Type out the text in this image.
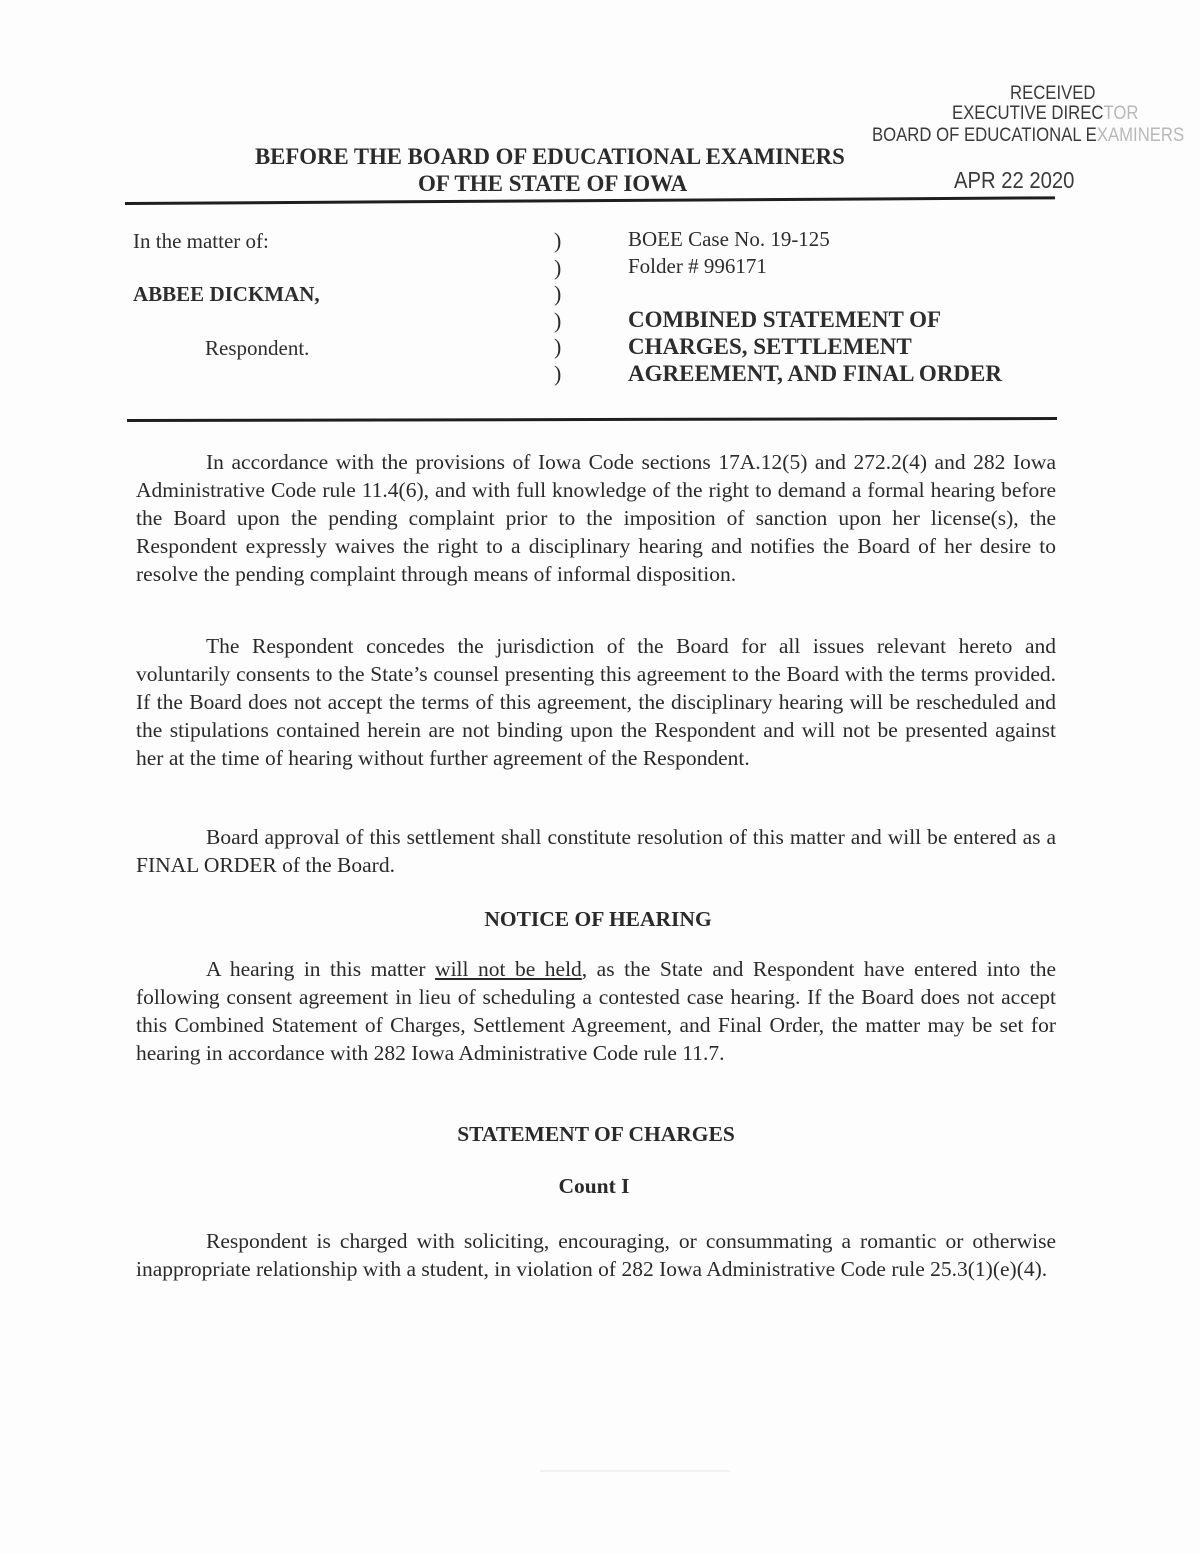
RECEIVED
EXECUTIVE DIRECTOR
BOARD OF EDUCATIONAL EXAMINERS
APR 22 2020
BEFORE THE BOARD OF EDUCATIONAL EXAMINERS
OF THE STATE OF IOWA
In the matter of:
ABBEE DICKMAN,
Respondent.
)
)
)
)
)
)
BOEE Case No. 19-125
Folder # 996171
COMBINED STATEMENT OF
CHARGES, SETTLEMENT
AGREEMENT, AND FINAL ORDER

In accordance with the provisions of Iowa Code sections 17A.12(5) and 272.2(4) and 282 Iowa Administrative Code rule 11.4(6), and with full knowledge of the right to demand a formal hearing before the Board upon the pending complaint prior to the imposition of sanction upon her license(s), the Respondent expressly waives the right to a disciplinary hearing and notifies the Board of her desire to resolve the pending complaint through means of informal disposition.

The Respondent concedes the jurisdiction of the Board for all issues relevant hereto and voluntarily consents to the State’s counsel presenting this agreement to the Board with the terms provided. If the Board does not accept the terms of this agreement, the disciplinary hearing will be rescheduled and the stipulations contained herein are not binding upon the Respondent and will not be presented against her at the time of hearing without further agreement of the Respondent.

Board approval of this settlement shall constitute resolution of this matter and will be entered as a FINAL ORDER of the Board.

NOTICE OF HEARING

A hearing in this matter will not be held, as the State and Respondent have entered into the following consent agreement in lieu of scheduling a contested case hearing. If the Board does not accept this Combined Statement of Charges, Settlement Agreement, and Final Order, the matter may be set for hearing in accordance with 282 Iowa Administrative Code rule 11.7.

STATEMENT OF CHARGES
Count I

Respondent is charged with soliciting, encouraging, or consummating a romantic or otherwise inappropriate relationship with a student, in violation of 282 Iowa Administrative Code rule 25.3(1)(e)(4).
